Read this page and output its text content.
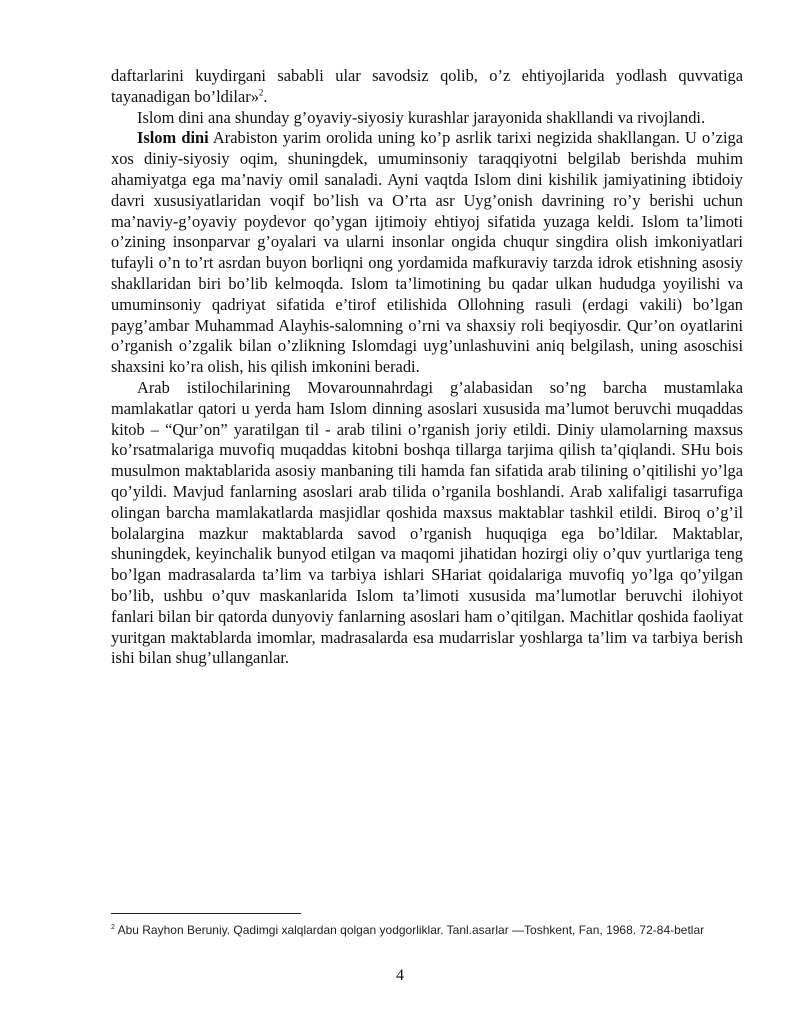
daftarlarini kuydirgani sababli ular savodsiz qolib, o’z ehtiyojlarida yodlash quvvatiga tayanadigan bo’ldilar»$^2$.

Islom dini ana shunday g’oyaviy-siyosiy kurashlar jarayonida shakllandi va rivojlandi.

Islom dini Arabiston yarim orolida uning ko’p asrlik tarixi negizida shakllangan. U o’ziga xos diniy-siyosiy oqim, shuningdek, umuminsoniy taraqqiyotni belgilab berishda muhim ahamiyatga ega ma’naviy omil sanaladi. Ayni vaqtda Islom dini kishilik jamiyatining ibtidoiy davri xususiyatlaridan voqif bo’lish va O’rta asr Uyg’onish davrining ro’y berishi uchun ma’naviy-g’oyaviy poydevor qo’ygan ijtimoiy ehtiyoj sifatida yuzaga keldi. Islom ta’limoti o’zining insonparvar g’oyalari va ularni insonlar ongida chuqur singdira olish imkoniyatlari tufayli o’n to’rt asrdan buyon borliqni ong yordamida mafkuraviy tarzda idrok etishning asosiy shakllaridan biri bo’lib kelmoqda. Islom ta’limotining bu qadar ulkan hududga yoyilishi va umuminsoniy qadriyat sifatida e’tirof etilishida Ollohning rasuli (erdagi vakili) bo’lgan payg’ambar Muhammad Alayhis-salomning o’rni va shaxsiy roli beqiyosdir. Qur’on oyatlarini o’rganish o’zgalik bilan o’zlikning Islomdagi uyg’unlashuvini aniq belgilash, uning asoschisi shaxsini ko’ra olish, his qilish imkonini beradi.

Arab istilochilarining Movarounnahrdagi g’alabasidan so’ng barcha mustamlaka mamlakatlar qatori u yerda ham Islom dinning asoslari xususida ma’lumot beruvchi muqaddas kitob – “Qur’on” yaratilgan til - arab tilini o’rganish joriy etildi. Diniy ulamolarning maxsus ko’rsatmalariga muvofiq muqaddas kitobni boshqa tillarga tarjima qilish ta’qiqlandi. SHu bois musulmon maktablarida asosiy manbaning tili hamda fan sifatida arab tilining o’qitilishi yo’lga qo’yildi. Mavjud fanlarning asoslari arab tilida o’rganila boshlandi. Arab xalifaligi tasarrufiga olingan barcha mamlakatlarda masjidlar qoshida maxsus maktablar tashkil etildi. Biroq o’g’il bolalargina mazkur maktablarda savod o’rganish huquqiga ega bo’ldilar. Maktablar, shuningdek, keyinchalik bunyod etilgan va maqomi jihatidan hozirgi oliy o’quv yurtlariga teng bo’lgan madrasalarda ta’lim va tarbiya ishlari SHariat qoidalariga muvofiq yo’lga qo’yilgan bo’lib, ushbu o’quv maskanlarida Islom ta’limoti xususida ma’lumotlar beruvchi ilohiyot fanlari bilan bir qatorda dunyoviy fanlarning asoslari ham o’qitilgan. Machitlar qoshida faoliyat yuritgan maktablarda imomlar, madrasalarda esa mudarrislar yoshlarga ta’lim va tarbiya berish ishi bilan shug’ullanganlar.

$^2$ Abu Rayhon Beruniy. Qadimgi xalqlardan qolgan yodgorliklar. Tanl.asarlar —Toshkent, Fan, 1968. 72-84-betlar
4
